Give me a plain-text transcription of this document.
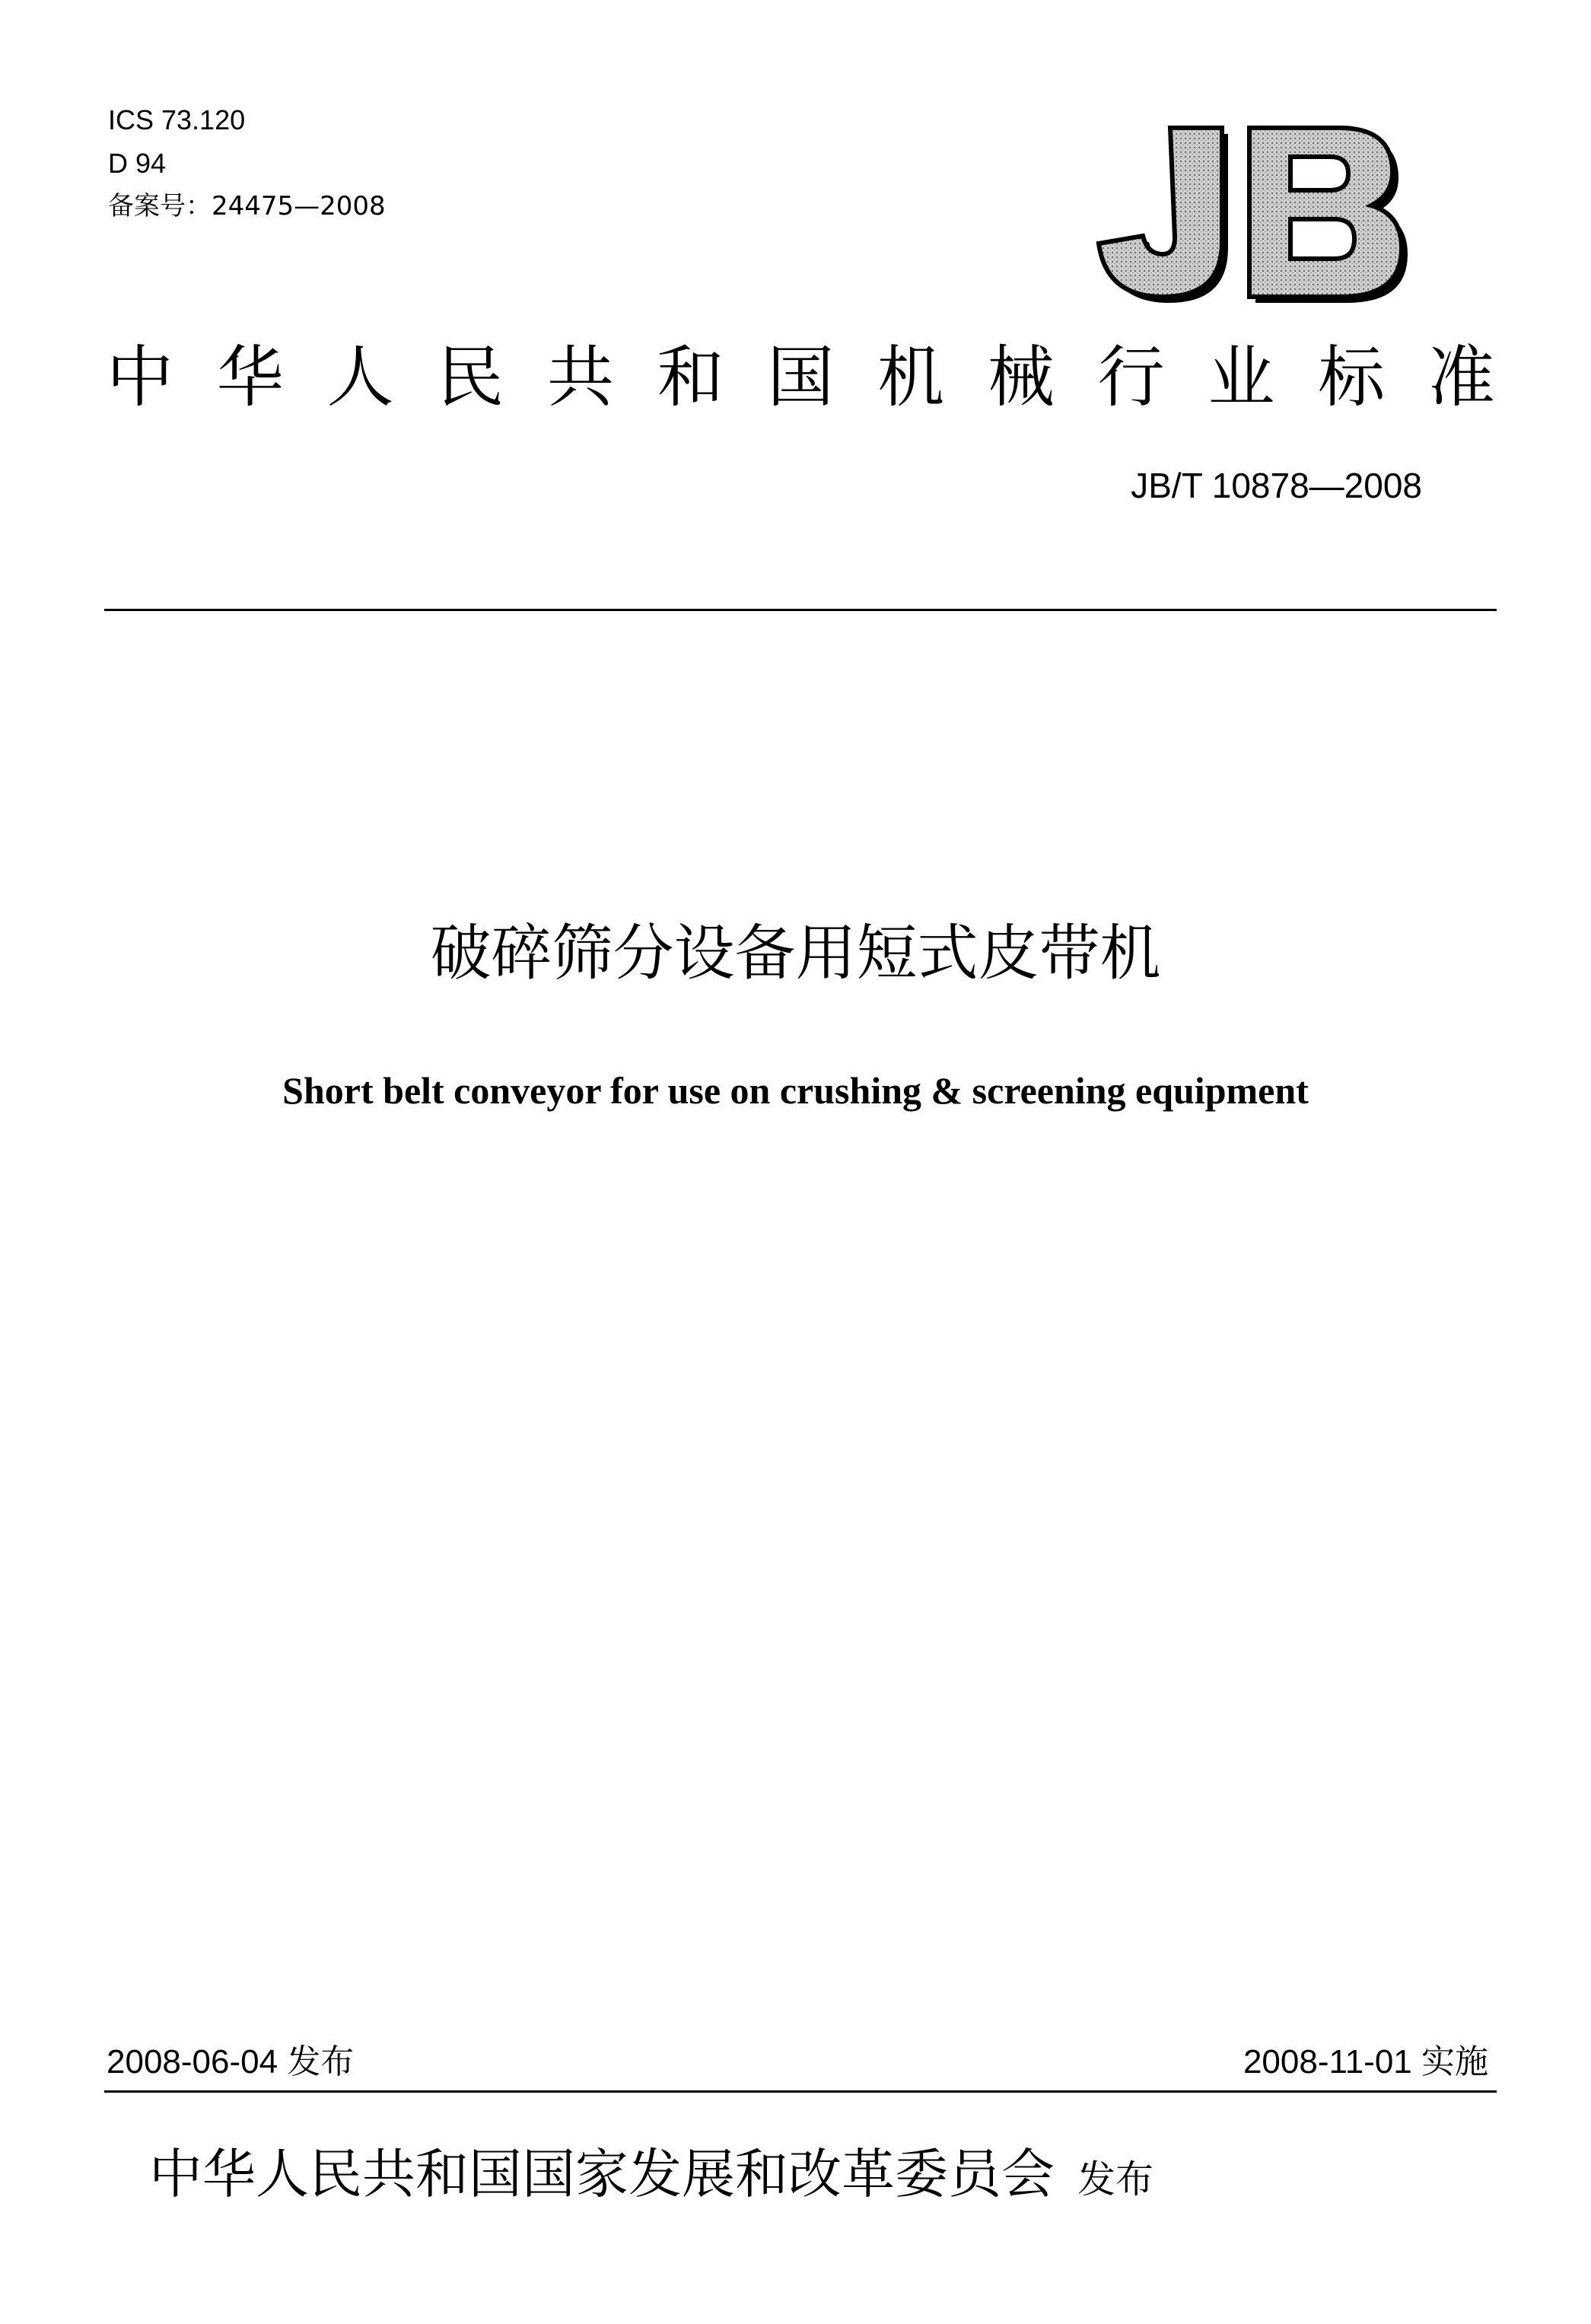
ICS 73.120
D 94
备案号：24475—2008
JB
中 华 人 民 共 和 国 机 械 行 业 标 准
JB/T 10878—2008
破碎筛分设备用短式皮带机
Short belt conveyor for use on crushing & screening equipment
2008-06-04 发布	2008-11-01 实施
中华人民共和国国家发展和改革委员会 发布
